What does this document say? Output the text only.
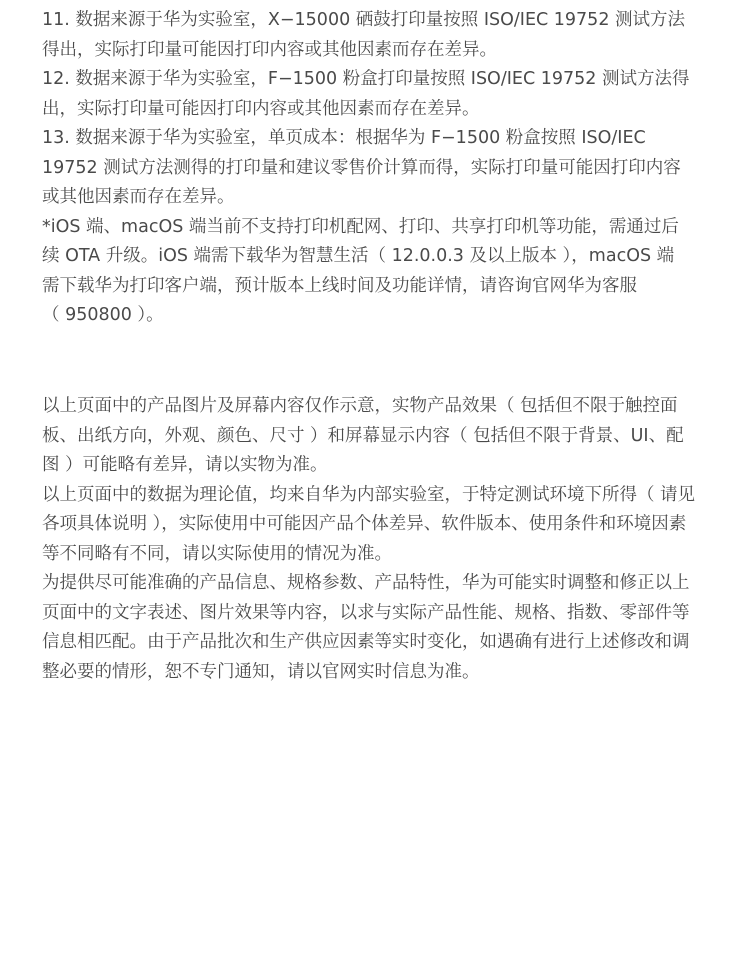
11. 数据来源于华为实验室，X−15000 硒鼓打印量按照 ISO/IEC 19752 测试方法
得出，实际打印量可能因打印内容或其他因素而存在差异。

12. 数据来源于华为实验室，F−1500 粉盒打印量按照 ISO/IEC 19752 测试方法得
出，实际打印量可能因打印内容或其他因素而存在差异。

13. 数据来源于华为实验室，单页成本：根据华为 F−1500 粉盒按照 ISO/IEC
19752 测试方法测得的打印量和建议零售价计算而得，实际打印量可能因打印内容
或其他因素而存在差异。

*iOS 端、macOS 端当前不支持打印机配网、打印、共享打印机等功能，需通过后
续 OTA 升级。iOS 端需下载华为智慧生活（ 12.0.0.3 及以上版本 ），macOS 端
需下载华为打印客户端，预计版本上线时间及功能详情，请咨询官网华为客服
（ 950800 ）。

以上页面中的产品图片及屏幕内容仅作示意，实物产品效果（ 包括但不限于触控面
板、出纸方向，外观、颜色、尺寸 ）和屏幕显示内容（ 包括但不限于背景、UI、配
图 ）可能略有差异，请以实物为准。

以上页面中的数据为理论值，均来自华为内部实验室，于特定测试环境下所得（ 请见
各项具体说明 ），实际使用中可能因产品个体差异、软件版本、使用条件和环境因素
等不同略有不同，请以实际使用的情况为准。

为提供尽可能准确的产品信息、规格参数、产品特性，华为可能实时调整和修正以上
页面中的文字表述、图片效果等内容，以求与实际产品性能、规格、指数、零部件等
信息相匹配。由于产品批次和生产供应因素等实时变化，如遇确有进行上述修改和调
整必要的情形，恕不专门通知，请以官网实时信息为准。
